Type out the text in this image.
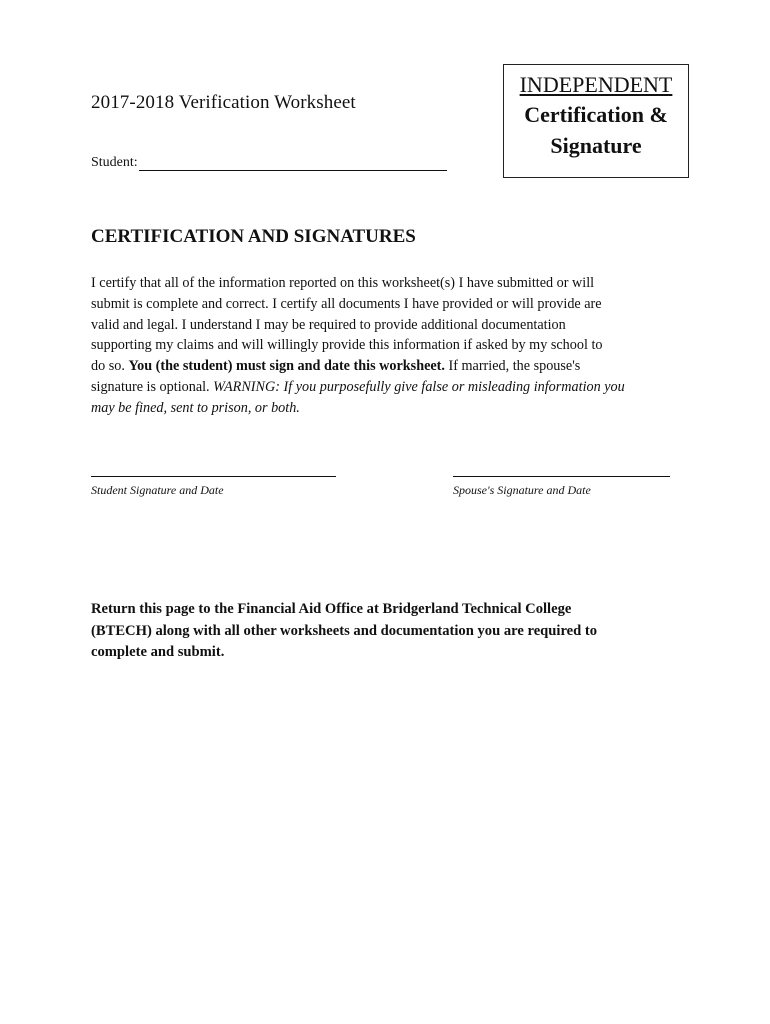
2017-2018 Verification Worksheet
Student:
INDEPENDENT
Certification &
Signature
CERTIFICATION AND SIGNATURES
I certify that all of the information reported on this worksheet(s) I have submitted or will
submit is complete and correct. I certify all documents I have provided or will provide are
valid and legal. I understand I may be required to provide additional documentation
supporting my claims and will willingly provide this information if asked by my school to
do so. You (the student) must sign and date this worksheet. If married, the spouse's
signature is optional. WARNING: If you purposefully give false or misleading information you
may be fined, sent to prison, or both.
Student Signature and Date	Spouse's Signature and Date
Return this page to the Financial Aid Office at Bridgerland Technical College
(BTECH) along with all other worksheets and documentation you are required to
complete and submit.
